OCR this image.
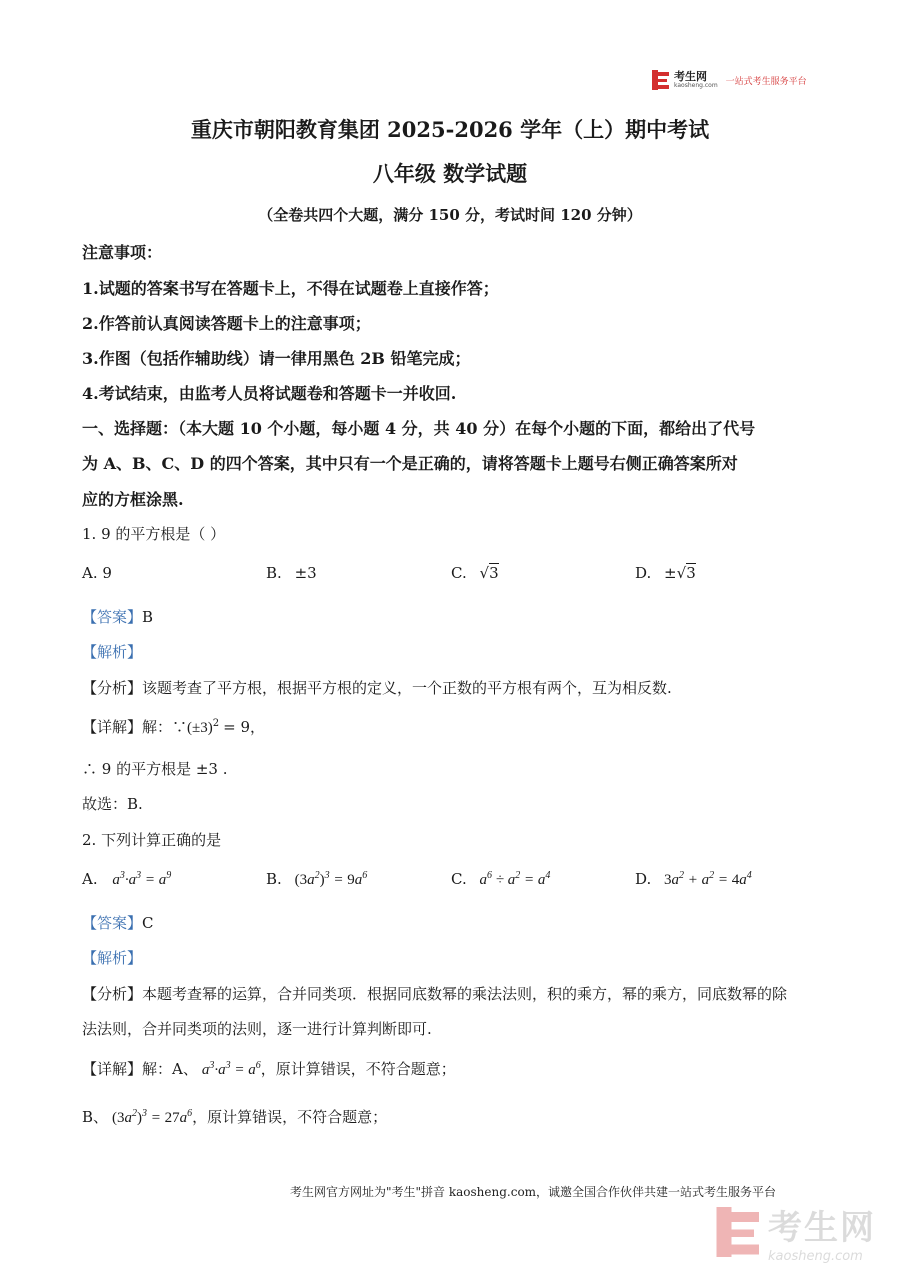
考生网
kaosheng.com 一站式考生服务平台
重庆市朝阳教育集团 2025-2026 学年（上）期中考试
八年级 数学试题
（全卷共四个大题，满分 150 分，考试时间 120 分钟）
注意事项：
1.试题的答案书写在答题卡上，不得在试题卷上直接作答；
2.作答前认真阅读答题卡上的注意事项；
3.作图（包括作辅助线）请一律用黑色 2B 铅笔完成；
4.考试结束，由监考人员将试题卷和答题卡一并收回.
一、选择题：（本大题 10 个小题，每小题 4 分，共 40 分）在每个小题的下面，都给出了代号
为 A、B、C、D 的四个答案，其中只有一个是正确的，请将答题卡上题号右侧正确答案所对
应的方框涂黑.
1. 9 的平方根是（ ）
A. 9	B. ±3	C. √3	D. ±√3
【答案】B
【解析】
【分析】该题考查了平方根，根据平方根的定义，一个正数的平方根有两个，互为相反数.
【详解】解：$\because(\pm 3)^2 = 9$，
∴ 9 的平方根是 ±3 .
故选：B.
2. 下列计算正确的是
A. $a^3\cdot a^3 = a^9$	B. $(3a^2)^3 = 9a^6$	C. $a^6 \div a^2 = a^4$	D. $3a^2 + a^2 = 4a^4$
【答案】C
【解析】
【分析】本题考查幂的运算，合并同类项．根据同底数幂的乘法法则，积的乘方，幂的乘方，同底数幂的除
法法则，合并同类项的法则，逐一进行计算判断即可.
【详解】解：A、 $a^3\cdot a^3 = a^6$，原计算错误，不符合题意；
B、 $(3a^2)^3 = 27a^6$，原计算错误，不符合题意；
考生网官方网址为"考生"拼音 kaosheng.com，诚邀全国合作伙伴共建一站式考生服务平台
考生网
kaosheng.com
